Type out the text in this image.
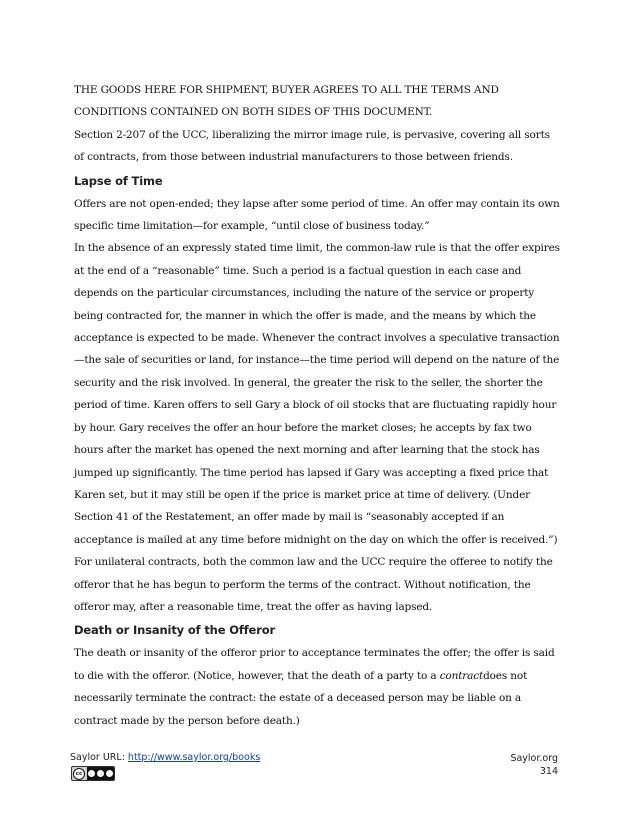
THE GOODS HERE FOR SHIPMENT, BUYER AGREES TO ALL THE TERMS AND CONDITIONS CONTAINED ON BOTH SIDES OF THIS DOCUMENT.

Section 2-207 of the UCC, liberalizing the mirror image rule, is pervasive, covering all sorts of contracts, from those between industrial manufacturers to those between friends.

Lapse of Time

Offers are not open-ended; they lapse after some period of time. An offer may contain its own specific time limitation—for example, “until close of business today.”

In the absence of an expressly stated time limit, the common-law rule is that the offer expires at the end of a “reasonable” time. Such a period is a factual question in each case and depends on the particular circumstances, including the nature of the service or property being contracted for, the manner in which the offer is made, and the means by which the acceptance is expected to be made. Whenever the contract involves a speculative transaction—the sale of securities or land, for instance—the time period will depend on the nature of the security and the risk involved. In general, the greater the risk to the seller, the shorter the period of time. Karen offers to sell Gary a block of oil stocks that are fluctuating rapidly hour by hour. Gary receives the offer an hour before the market closes; he accepts by fax two hours after the market has opened the next morning and after learning that the stock has jumped up significantly. The time period has lapsed if Gary was accepting a fixed price that Karen set, but it may still be open if the price is market price at time of delivery. (Under Section 41 of the Restatement, an offer made by mail is “seasonably accepted if an acceptance is mailed at any time before midnight on the day on which the offer is received.”)

For unilateral contracts, both the common law and the UCC require the offeree to notify the offeror that he has begun to perform the terms of the contract. Without notification, the offeror may, after a reasonable time, treat the offer as having lapsed.

Death or Insanity of the Offeror

The death or insanity of the offeror prior to acceptance terminates the offer; the offer is said to die with the offeror. (Notice, however, that the death of a party to a contractdoes not necessarily terminate the contract: the estate of a deceased person may be liable on a contract made by the person before death.)

Saylor URL: http://www.saylor.org/books
cc
Saylor.org
314
